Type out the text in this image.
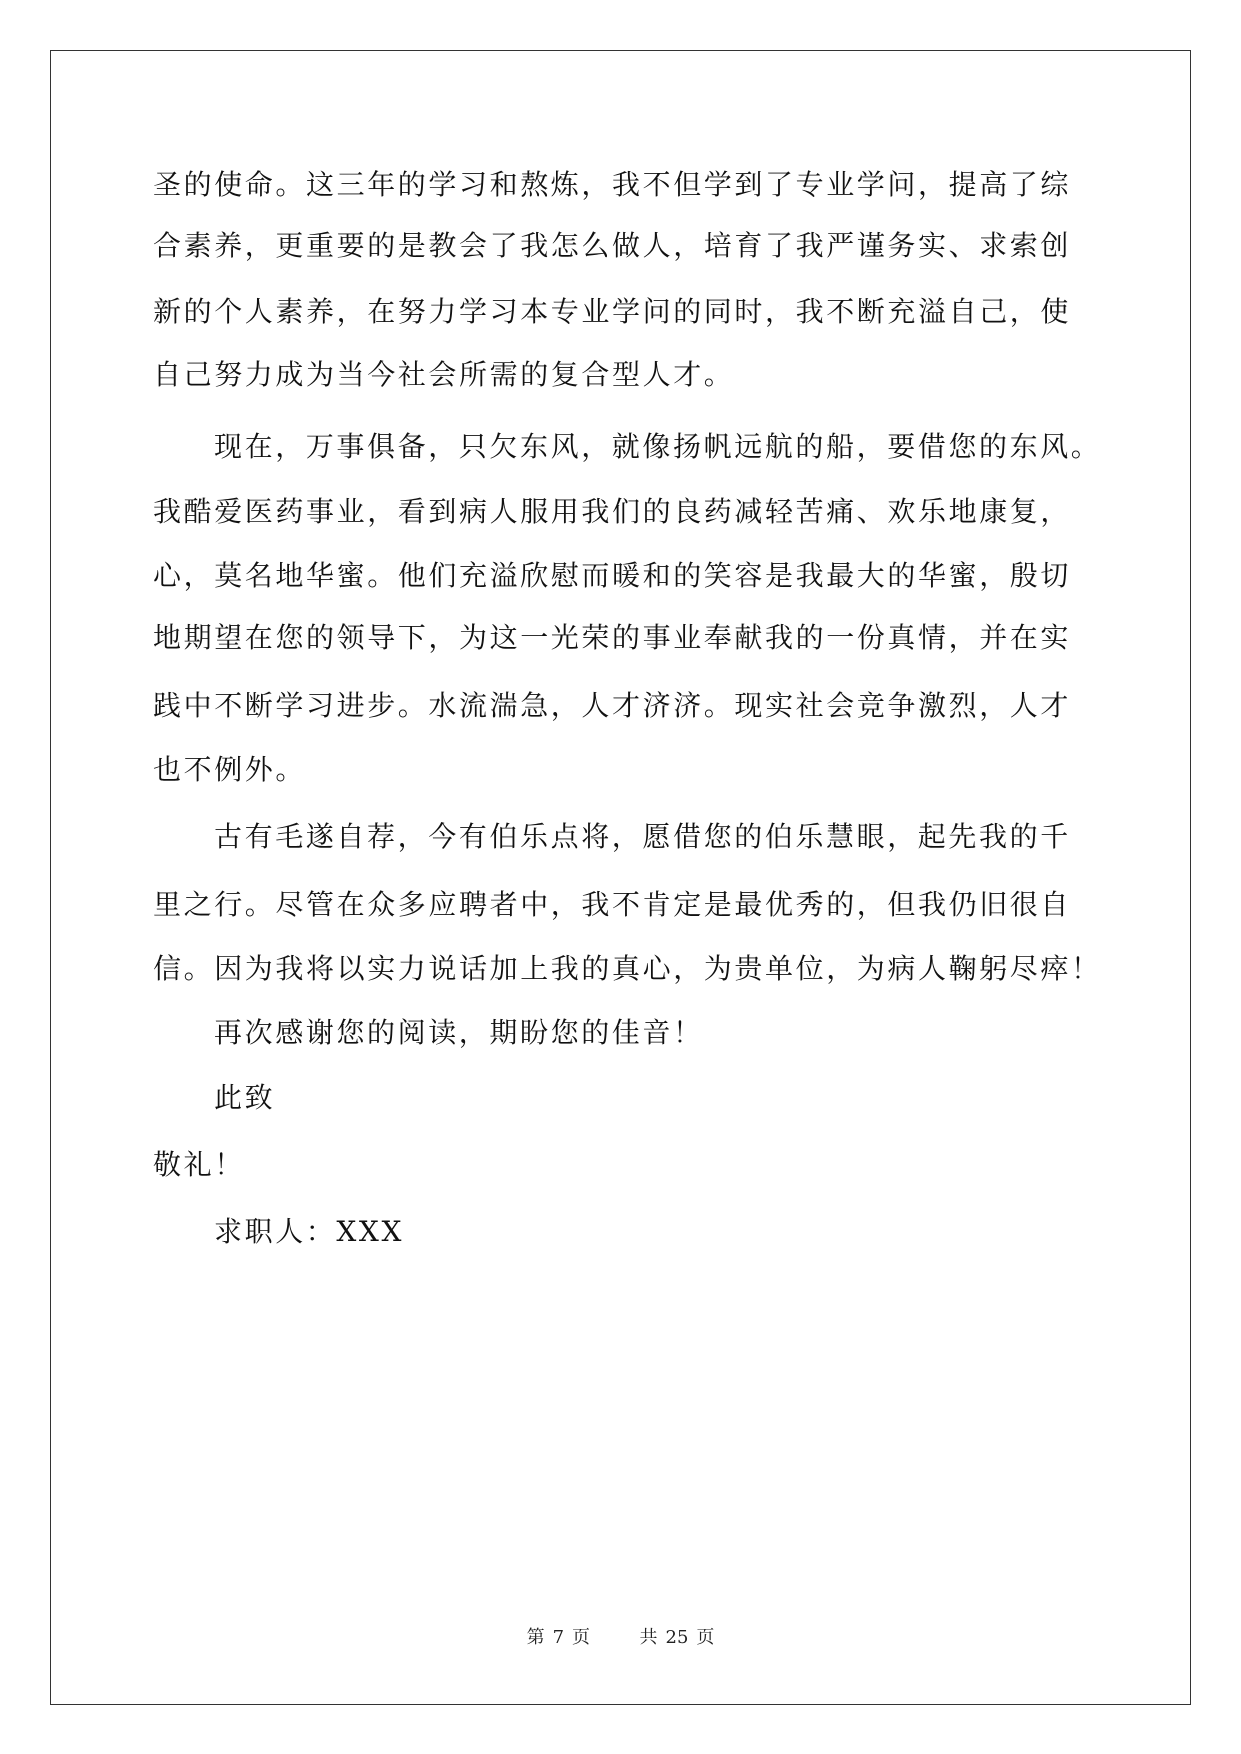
圣的使命。这三年的学习和熬炼，我不但学到了专业学问，提高了综
合素养，更重要的是教会了我怎么做人，培育了我严谨务实、求索创
新的个人素养，在努力学习本专业学问的同时，我不断充溢自己，使
自己努力成为当今社会所需的复合型人才。
现在，万事俱备，只欠东风，就像扬帆远航的船，要借您的东风。
我酷爱医药事业，看到病人服用我们的良药减轻苦痛、欢乐地康复，
心，莫名地华蜜。他们充溢欣慰而暖和的笑容是我最大的华蜜，殷切
地期望在您的领导下，为这一光荣的事业奉献我的一份真情，并在实
践中不断学习进步。水流湍急，人才济济。现实社会竞争激烈，人才
也不例外。
古有毛遂自荐，今有伯乐点将，愿借您的伯乐慧眼，起先我的千
里之行。尽管在众多应聘者中，我不肯定是最优秀的，但我仍旧很自
信。因为我将以实力说话加上我的真心，为贵单位，为病人鞠躬尽瘁！
再次感谢您的阅读，期盼您的佳音！
此致
敬礼！
求职人：XXX
第 7 页	共 25 页
